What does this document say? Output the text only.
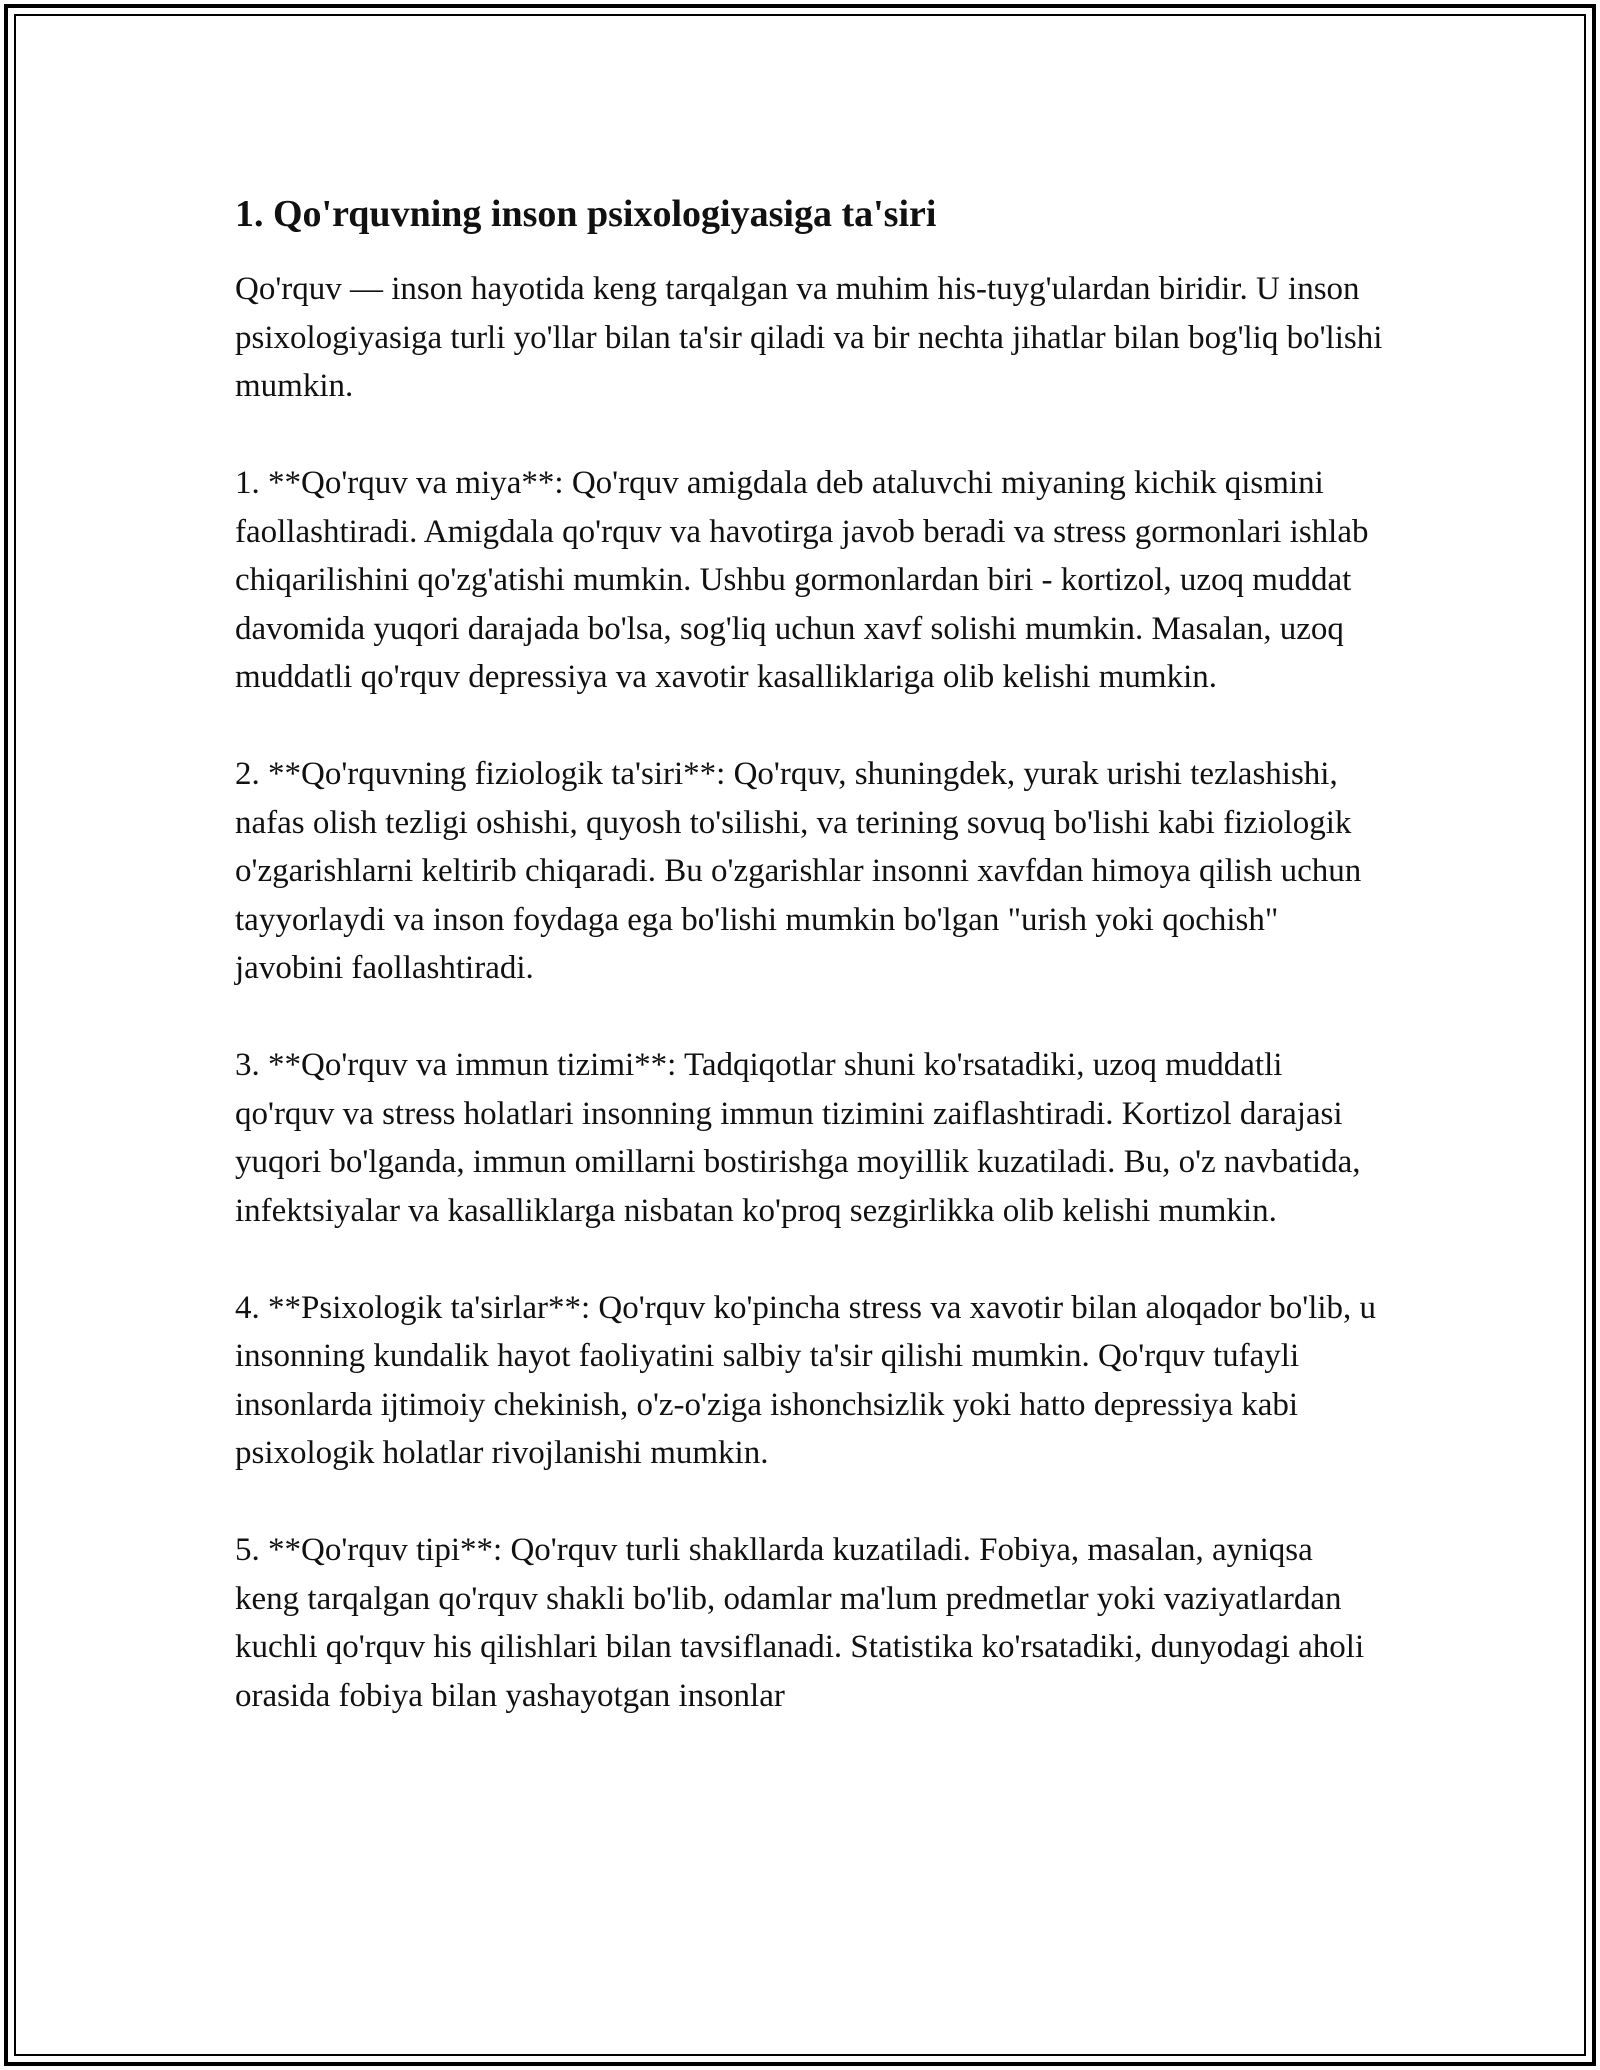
1. Qo'rquvning inson psixologiyasiga ta'siri

Qo'rquv — inson hayotida keng tarqalgan va muhim his-tuyg'ulardan biridir. U inson psixologiyasiga turli yo'llar bilan ta'sir qiladi va bir nechta jihatlar bilan bog'liq bo'lishi mumkin.

1. **Qo'rquv va miya**: Qo'rquv amigdala deb ataluvchi miyaning kichik qismini faollashtiradi. Amigdala qo'rquv va havotirga javob beradi va stress gormonlari ishlab chiqarilishini qo'zg'atishi mumkin. Ushbu gormonlardan biri - kortizol, uzoq muddat davomida yuqori darajada bo'lsa, sog'liq uchun xavf solishi mumkin. Masalan, uzoq muddatli qo'rquv depressiya va xavotir kasalliklariga olib kelishi mumkin.

2. **Qo'rquvning fiziologik ta'siri**: Qo'rquv, shuningdek, yurak urishi tezlashishi, nafas olish tezligi oshishi, quyosh to'silishi, va terining sovuq bo'lishi kabi fiziologik o'zgarishlarni keltirib chiqaradi. Bu o'zgarishlar insonni xavfdan himoya qilish uchun tayyorlaydi va inson foydaga ega bo'lishi mumkin bo'lgan "urish yoki qochish" javobini faollashtiradi.

3. **Qo'rquv va immun tizimi**: Tadqiqotlar shuni ko'rsatadiki, uzoq muddatli qo'rquv va stress holatlari insonning immun tizimini zaiflashtiradi. Kortizol darajasi yuqori bo'lganda, immun omillarni bostirishga moyillik kuzatiladi. Bu, o'z navbatida, infektsiyalar va kasalliklarga nisbatan ko'proq sezgirlikka olib kelishi mumkin.

4. **Psixologik ta'sirlar**: Qo'rquv ko'pincha stress va xavotir bilan aloqador bo'lib, u insonning kundalik hayot faoliyatini salbiy ta'sir qilishi mumkin. Qo'rquv tufayli insonlarda ijtimoiy chekinish, o'z-o'ziga ishonchsizlik yoki hatto depressiya kabi psixologik holatlar rivojlanishi mumkin.

5. **Qo'rquv tipi**: Qo'rquv turli shakllarda kuzatiladi. Fobiya, masalan, ayniqsa keng tarqalgan qo'rquv shakli bo'lib, odamlar ma'lum predmetlar yoki vaziyatlardan kuchli qo'rquv his qilishlari bilan tavsiflanadi. Statistika ko'rsatadiki, dunyodagi aholi orasida fobiya bilan yashayotgan insonlar
